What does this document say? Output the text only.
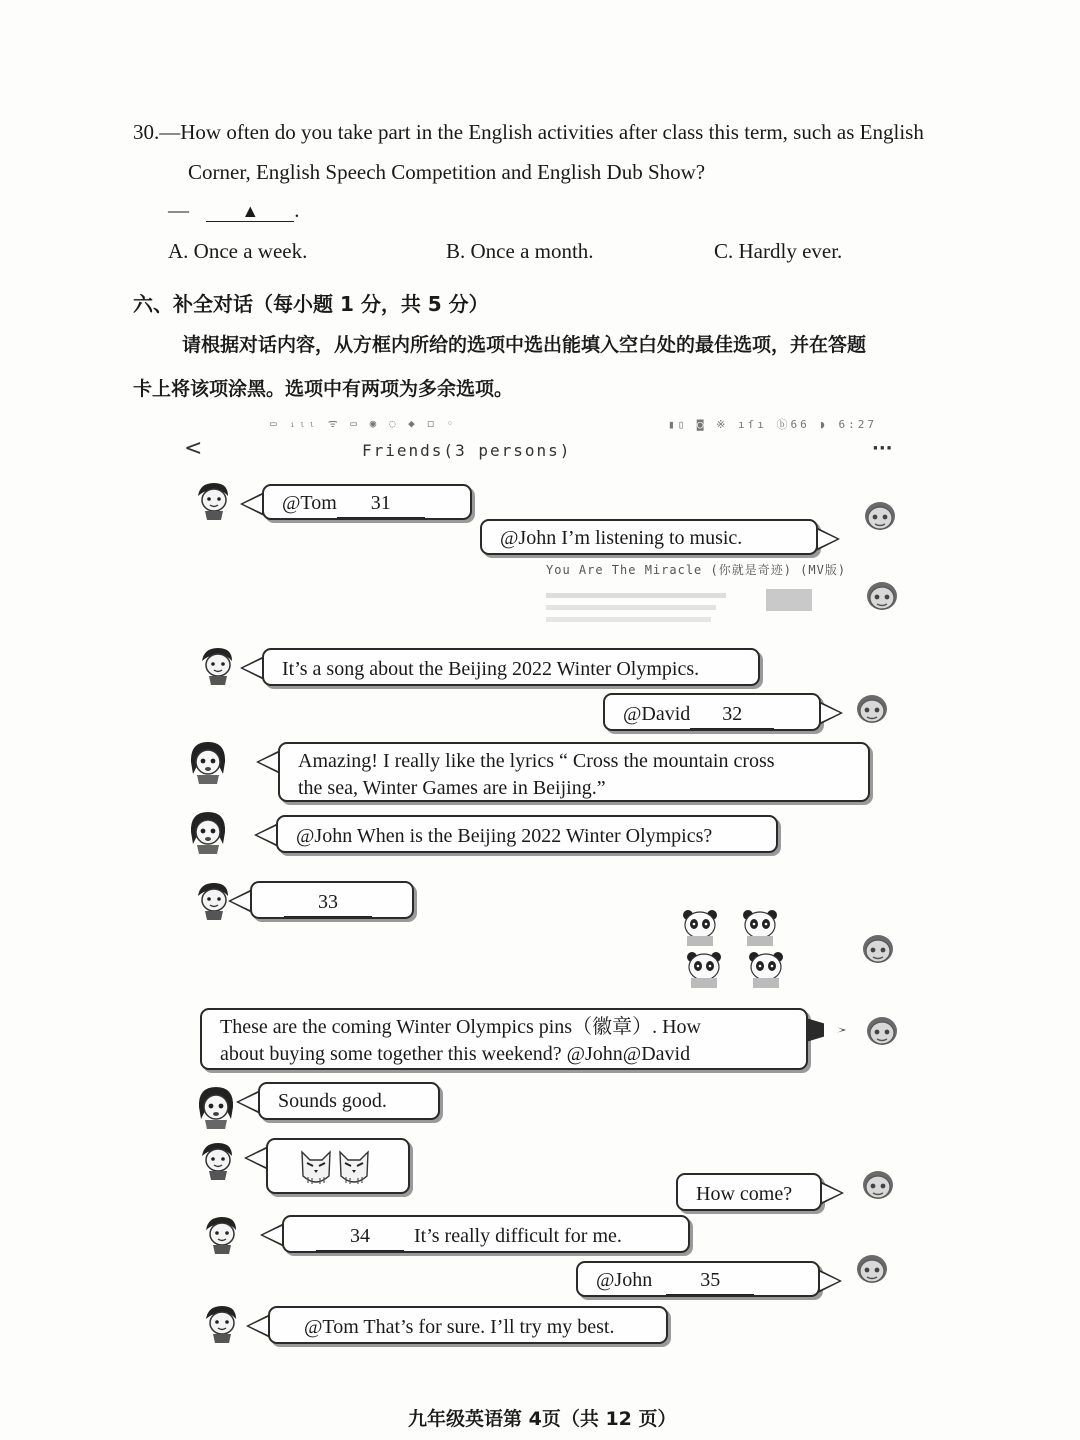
30.—How often do you take part in the English activities after class this term, such as English
Corner, English Speech Competition and English Dub Show?
—	▲ .
A. Once a week.	B. Once a month.	C. Hardly ever.
六、补全对话（每小题 1 分，共 5 分）
请根据对话内容，从方框内所给的选项中选出能填入空白处的最佳选项，并在答题
卡上将该项涂黑。选项中有两项为多余选项。
▭ ᵢₗₗ ᯤ ▭ ◉ ◌ ◆ ◻ ◦	▮▯ ◙ ※ ıſı ⓑ66 ◗ 6:27
<	Friends(3 persons)	···
@Tom 31
@John I’m listening to music.
You Are The Miracle (你就是奇迹) (MV版)
It’s a song about the Beijing 2022 Winter Olympics.
@David 32
Amazing! I really like the lyrics “ Cross the mountain cross
the sea, Winter Games are in Beijing.”
@John When is the Beijing 2022 Winter Olympics?
33
These are the coming Winter Olympics pins（徽章）. How
about buying some together this weekend? @John@David
Sounds good.
How come?
34 It’s really difficult for me.
@John 35
@Tom That’s for sure. I’ll try my best.
九年级英语第 4页（共 12 页）
